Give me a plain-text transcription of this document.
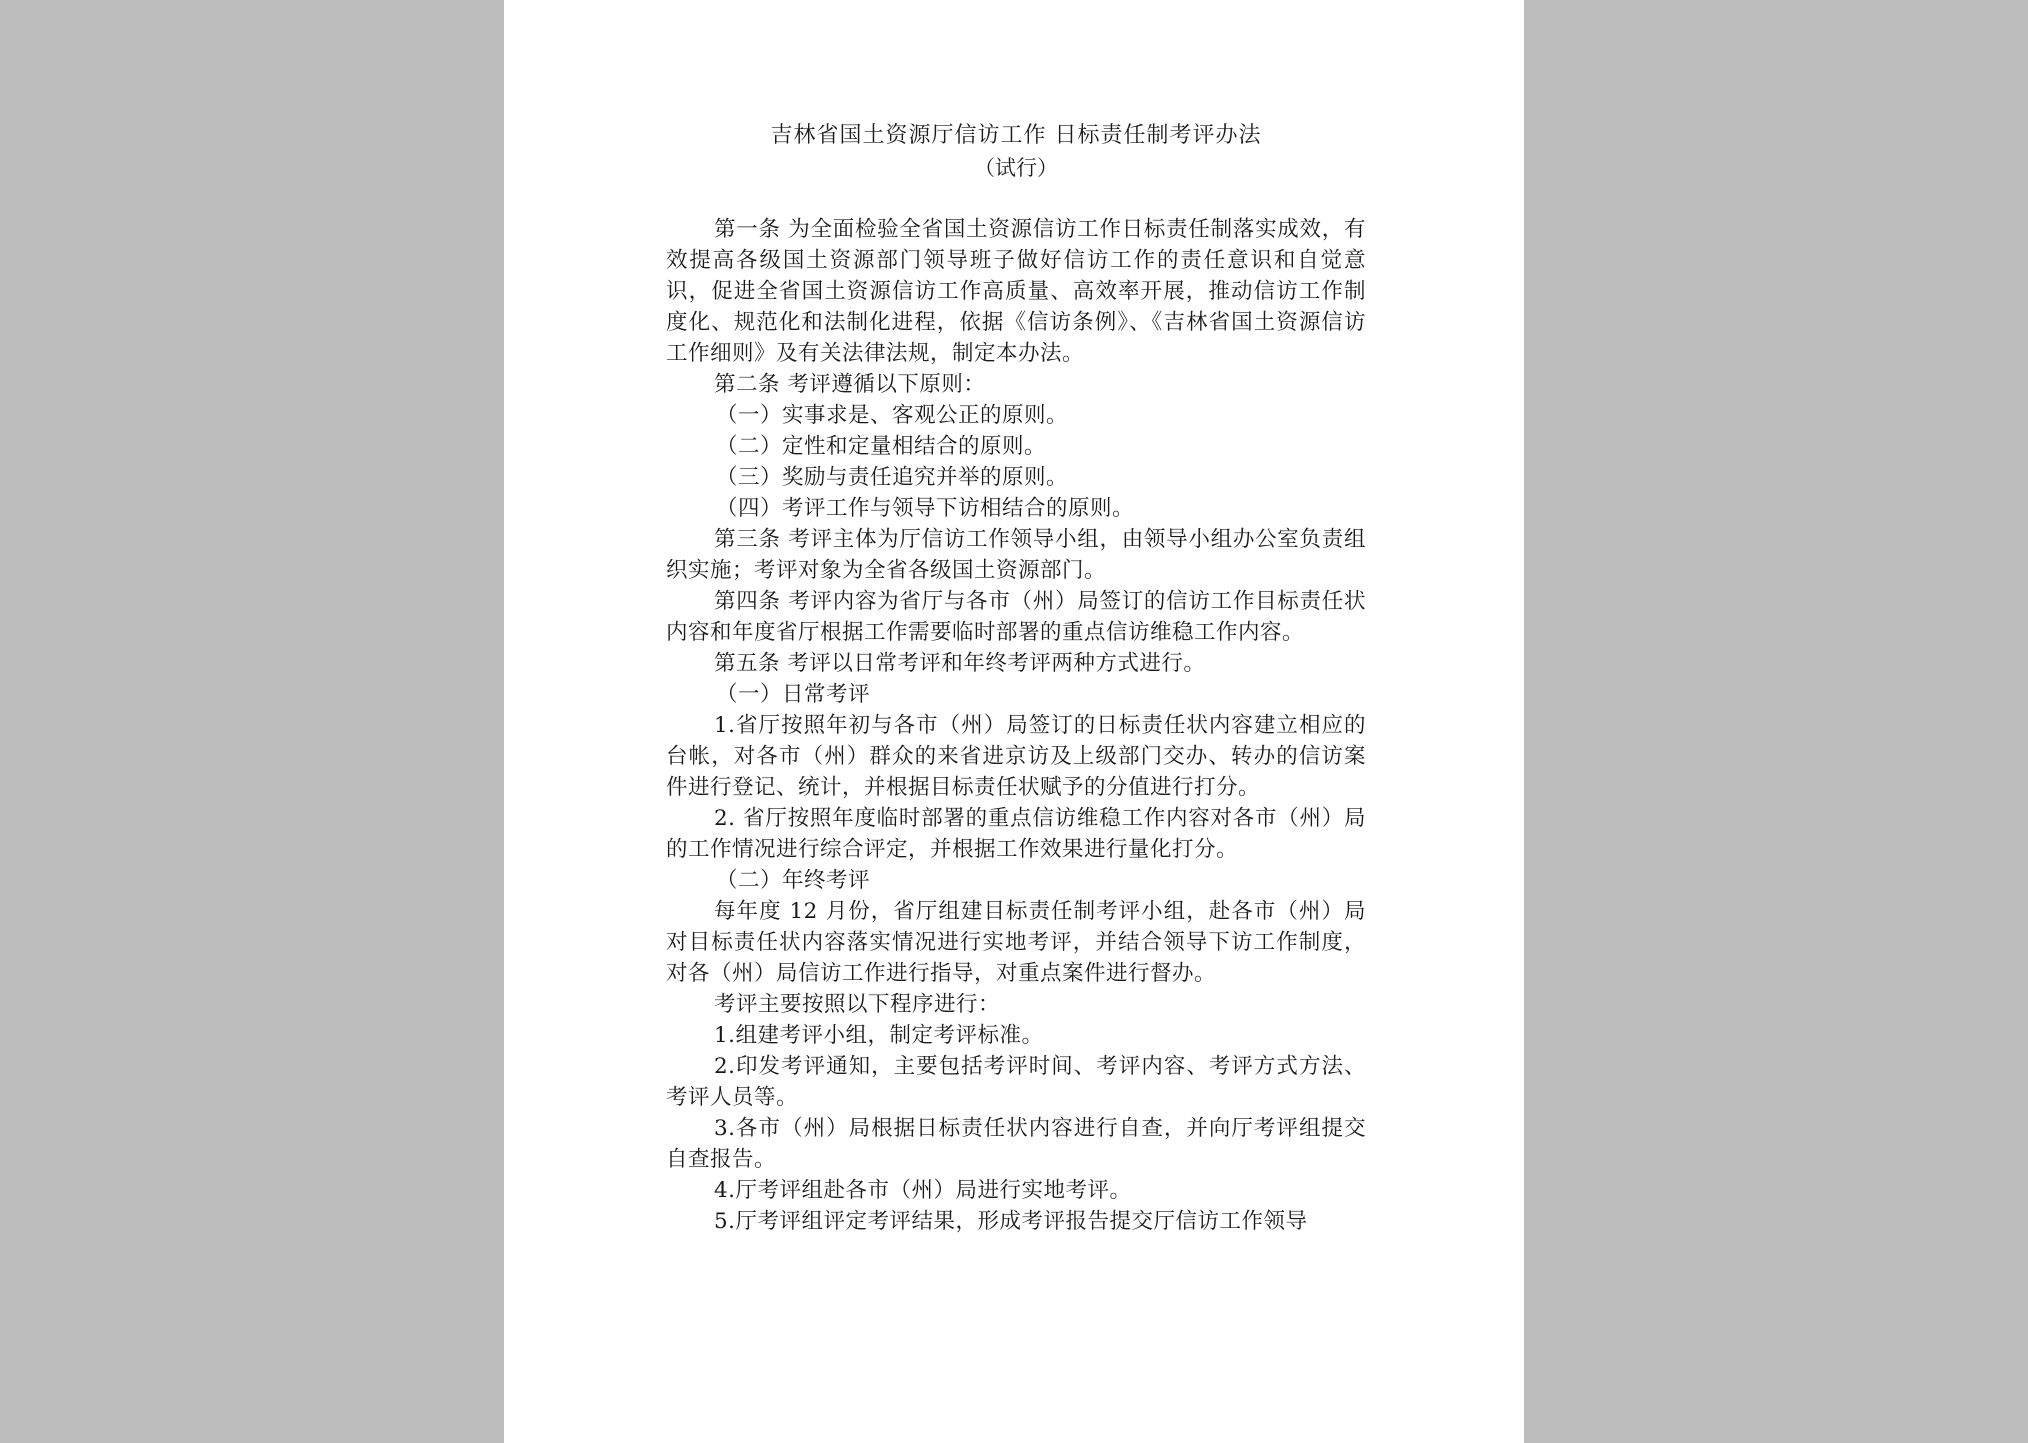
吉林省国土资源厅信访工作 日标责任制考评办法
（试行）

第一条 为全面检验全省国土资源信访工作日标责任制落实成效，有效提高各级国土资源部门领导班子做好信访工作的责任意识和自觉意识，促进全省国土资源信访工作高质量、高效率开展，推动信访工作制度化、规范化和法制化进程，依据《信访条例》、《吉林省国土资源信访工作细则》及有关法律法规，制定本办法。

第二条 考评遵循以下原则：

（一）实事求是、客观公正的原则。

（二）定性和定量相结合的原则。

（三）奖励与责任追究并举的原则。

（四）考评工作与领导下访相结合的原则。

第三条 考评主体为厅信访工作领导小组，由领导小组办公室负责组织实施；考评对象为全省各级国土资源部门。

第四条 考评内容为省厅与各市（州）局签订的信访工作目标责任状内容和年度省厅根据工作需要临时部署的重点信访维稳工作内容。

第五条 考评以日常考评和年终考评两种方式进行。

（一）日常考评

1.省厅按照年初与各市（州）局签订的日标责任状内容建立相应的台帐，对各市（州）群众的来省进京访及上级部门交办、转办的信访案件进行登记、统计，并根据目标责任状赋予的分值进行打分。

2. 省厅按照年度临时部署的重点信访维稳工作内容对各市（州）局的工作情况进行综合评定，并根据工作效果进行量化打分。

（二）年终考评

每年度 12 月份，省厅组建目标责任制考评小组，赴各市（州）局对目标责任状内容落实情况进行实地考评，并结合领导下访工作制度，对各（州）局信访工作进行指导，对重点案件进行督办。

考评主要按照以下程序进行：

1.组建考评小组，制定考评标准。

2.印发考评通知，主要包括考评时间、考评内容、考评方式方法、考评人员等。

3.各市（州）局根据日标责任状内容进行自查，并向厅考评组提交自查报告。

4.厅考评组赴各市（州）局进行实地考评。

5.厅考评组评定考评结果，形成考评报告提交厅信访工作领导
